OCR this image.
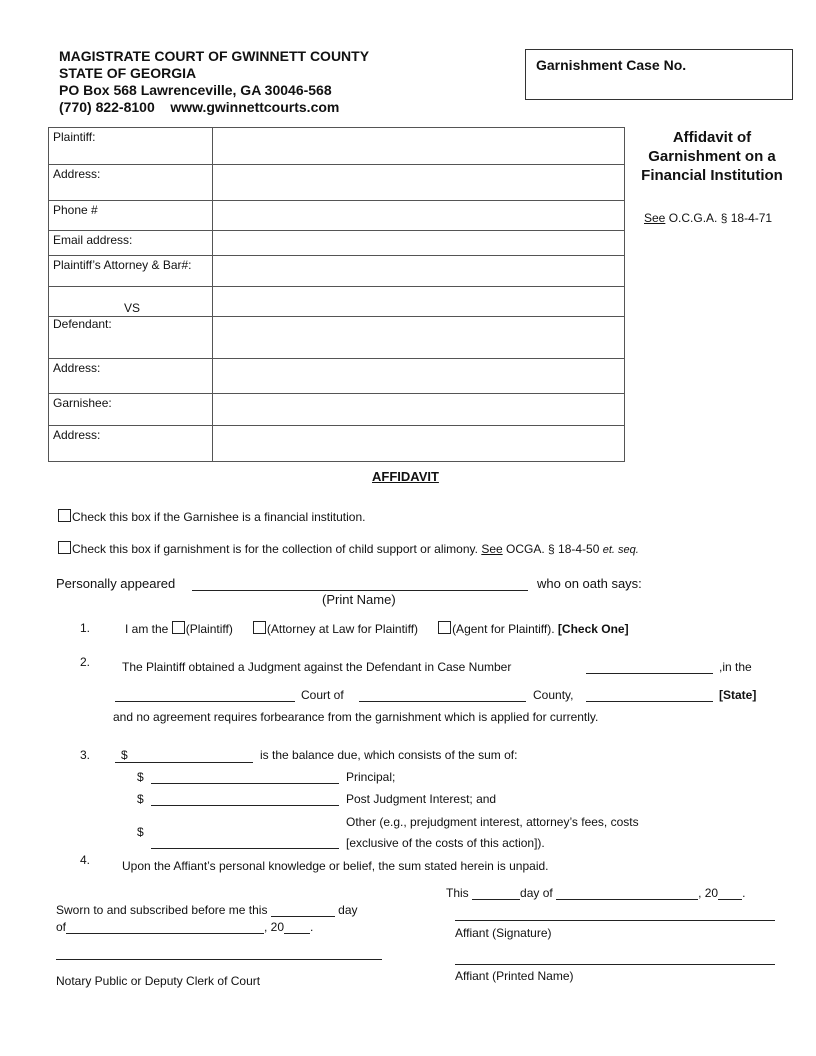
MAGISTRATE COURT OF GWINNETT COUNTY
STATE OF GEORGIA
PO Box 568 Lawrenceville, GA 30046-568
(770) 822-8100 www.gwinnettcourts.com
Garnishment Case No.
Affidavit of Garnishment on a Financial Institution
See O.C.G.A. § 18-4-71
Plaintiff:	
Address:	
Phone #	
Email address:	
Plaintiff’s Attorney & Bar#:	

VS	

Defendant:	

Address:	
Garnishee:	
Address:	
AFFIDAVIT
Check this box if the Garnishee is a financial institution.
Check this box if garnishment is for the collection of child support or alimony. See OCGA. § 18-4-50 et. seq.
Personally appeared	who on oath says:
(Print Name)
1.	I am the (Plaintiff)	(Attorney at Law for Plaintiff)	(Agent for Plaintiff). [Check One]
2.	The Plaintiff obtained a Judgment against the Defendant in Case Number	,in the
Court of	County,	[State]
and no agreement requires forbearance from the garnishment which is applied for currently.
3.	$	is the balance due, which consists of the sum of:
$	Principal;
$	Post Judgment Interest; and
Other (e.g., prejudgment interest, attorney’s fees, costs
$
[exclusive of the costs of this action]).
4.	Upon the Affiant’s personal knowledge or belief, the sum stated herein is unpaid.
This	day of	, 20 .
Affiant (Signature)
Affiant (Printed Name)
Sworn to and subscribed before me this	day
of	, 20 .
Notary Public or Deputy Clerk of Court
